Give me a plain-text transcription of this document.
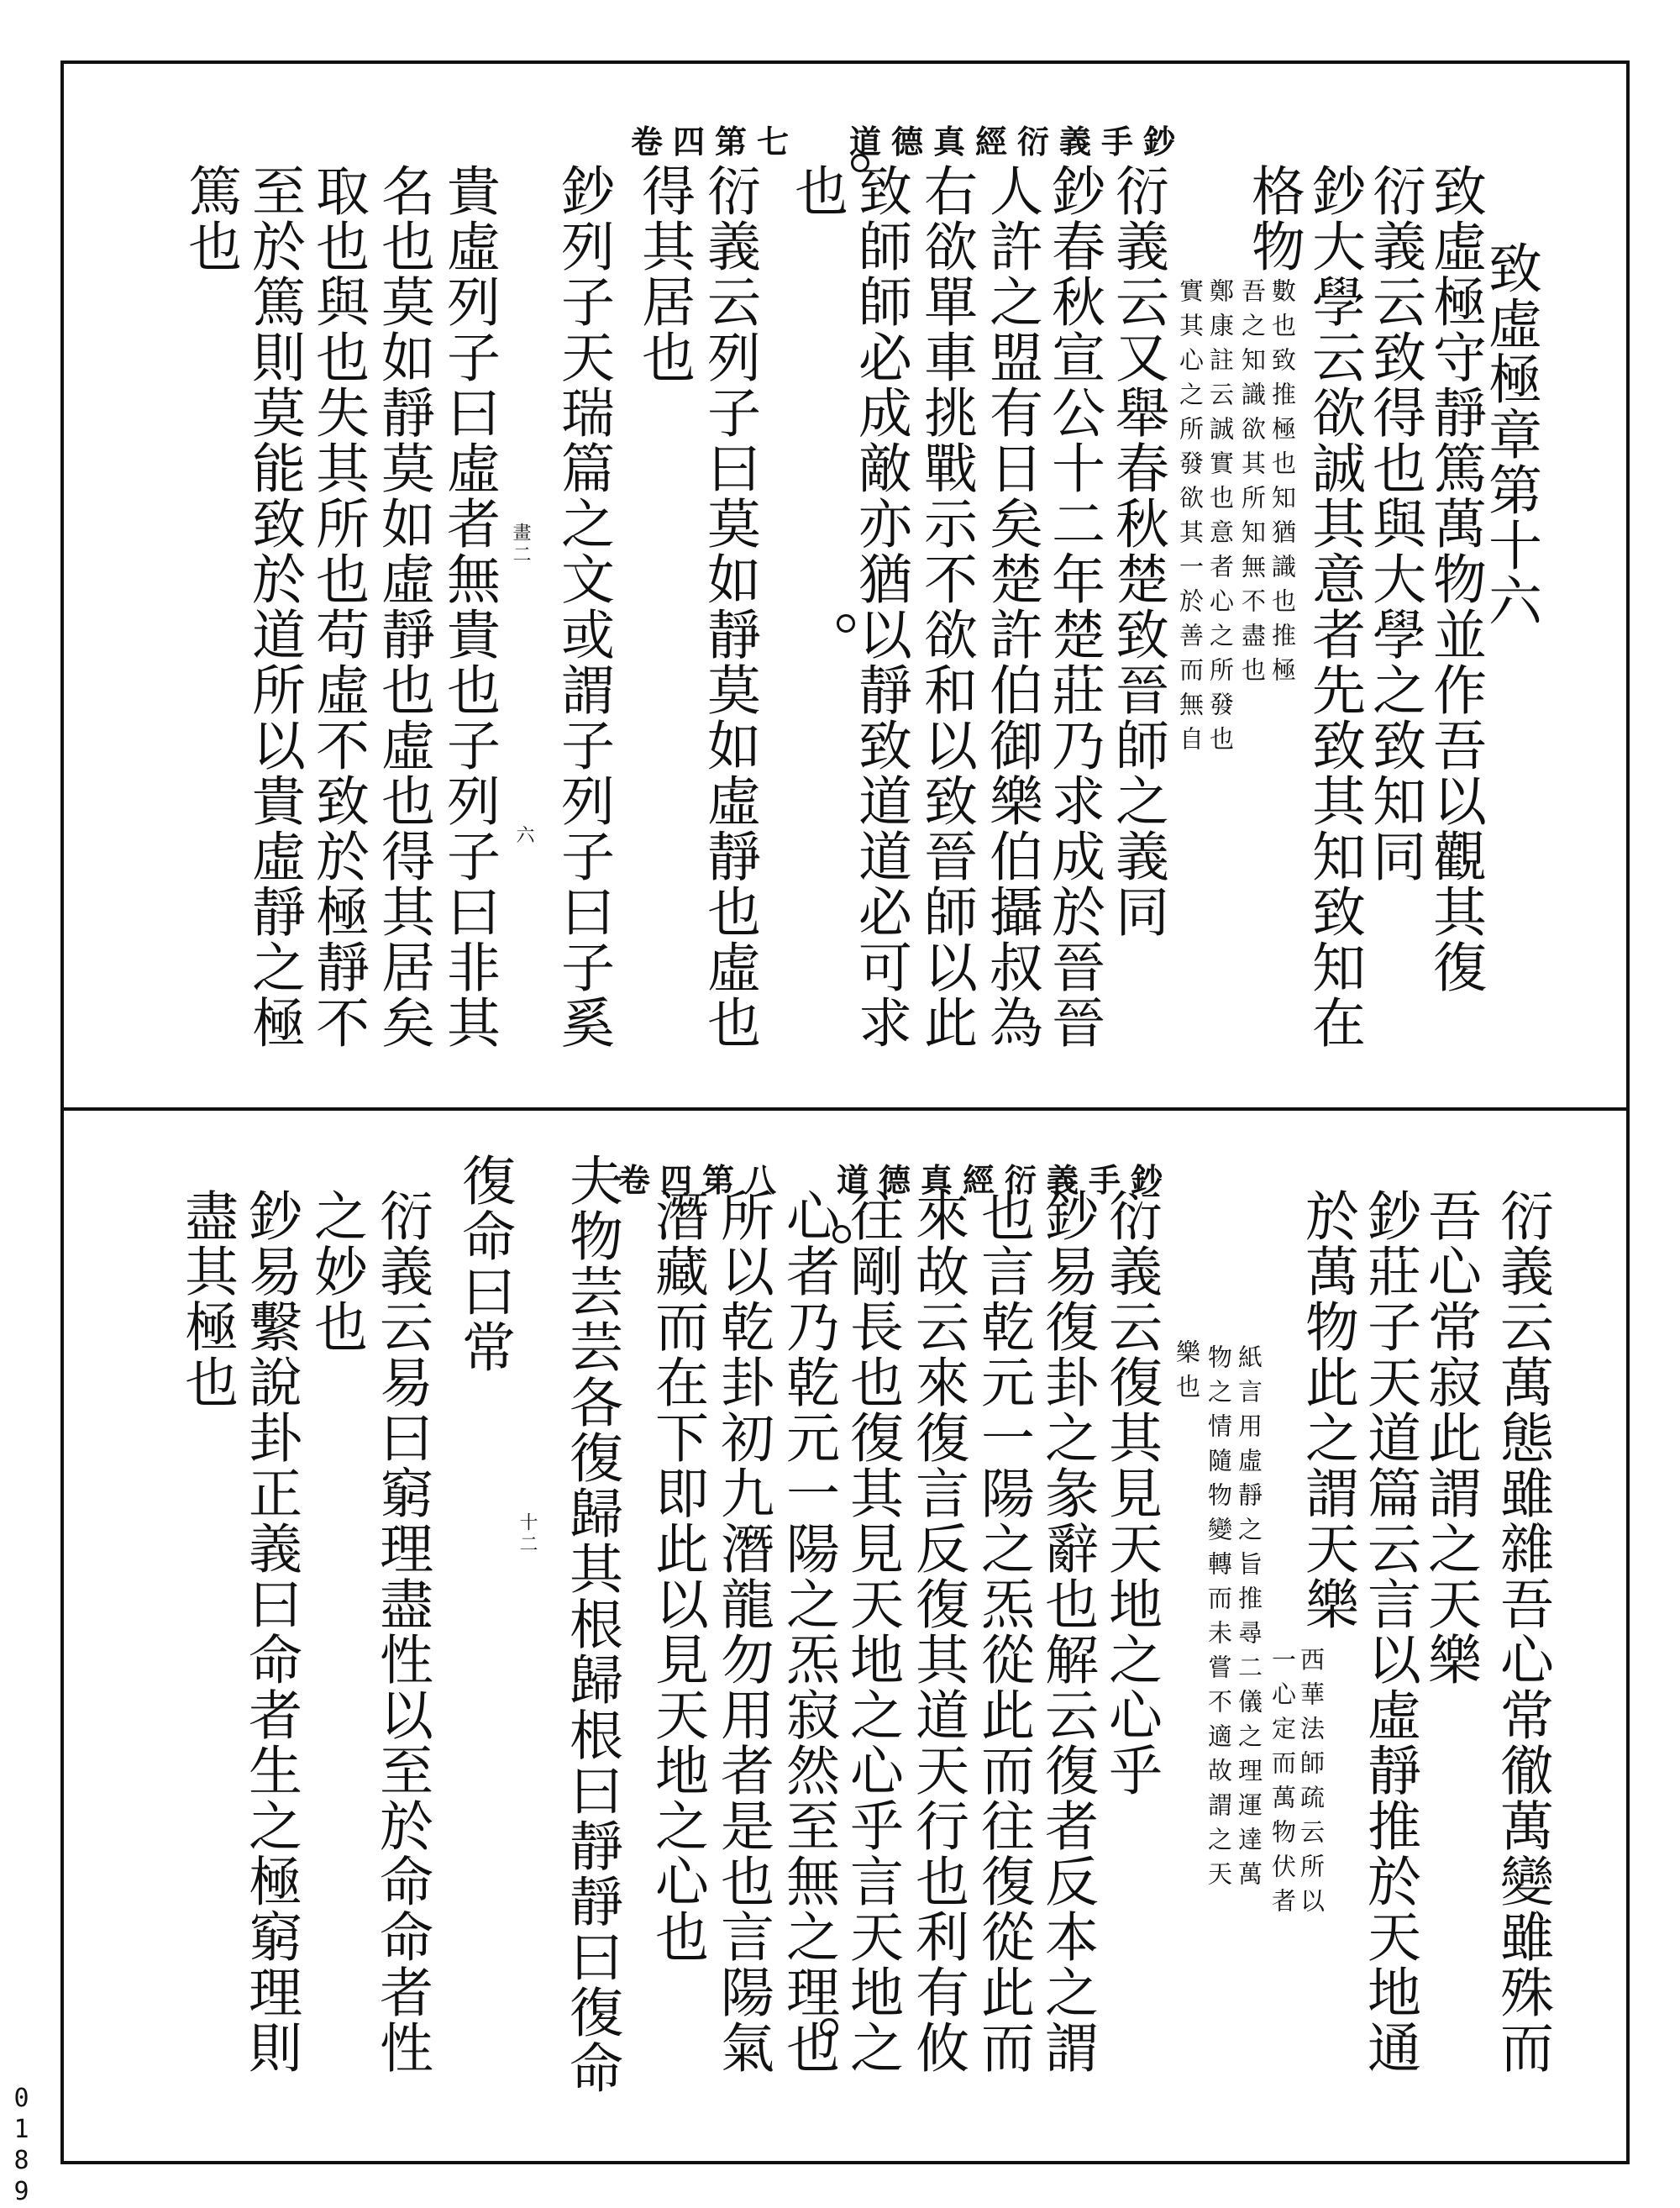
卷四第七 道德真經衍義手鈔
致虛極章第十六
致虛極守靜篤萬物並作吾以觀其復
衍義云致得也與大學之致知同
鈔大學云欲誠其意者先致其知致知在
格物
數也致推極也知猶識也推極
吾之知識欲其所知無不盡也
鄭康註云誠實也意者心之所發也
實其心之所發欲其一於善而無自
衍義云又舉春秋楚致晉師之義同
鈔春秋宣公十二年楚莊乃求成於晉晉
人許之盟有日矣楚許伯御樂伯攝叔為
右欲單車挑戰示不欲和以致晉師以此
致師師必成敵亦猶以靜致道道必可求
也
衍義云列子曰莫如靜莫如虛靜也虛也
得其居也
鈔列子天瑞篇之文或謂子列子曰子奚
畫二
六
貴虛列子曰虛者無貴也子列子曰非其
名也莫如靜莫如虛靜也虛也得其居矣
取也與也失其所也苟虛不致於極靜不
至於篤則莫能致於道所以貴虛靜之極
篤也
卷四第八 道德真經衍義手鈔
衍義云萬態雖雜吾心常徹萬變雖殊而
吾心常寂此謂之天樂
鈔莊子天道篇云言以虛靜推於天地通
於萬物此之謂天樂
西華法師疏云所以
一心定而萬物伏者
紙言用虛靜之旨推尋二儀之理運達萬
物之情隨物變轉而未嘗不適故謂之天
樂也
衍義云復其見天地之心乎
鈔易復卦之彖辭也解云復者反本之謂
也言乾元一陽之炁從此而往復從此而
來故云來復言反復其道天行也利有攸
往剛長也復其見天地之心乎言天地之
心者乃乾元一陽之炁寂然至無之理也
所以乾卦初九潛龍勿用者是也言陽氣
潛藏而在下即此以見天地之心也
夫物芸芸各復歸其根歸根曰靜靜曰復命
十二
復命曰常
衍義云易曰窮理盡性以至於命命者性
之妙也
鈔易繫說卦正義曰命者生之極窮理則
盡其極也
0189
